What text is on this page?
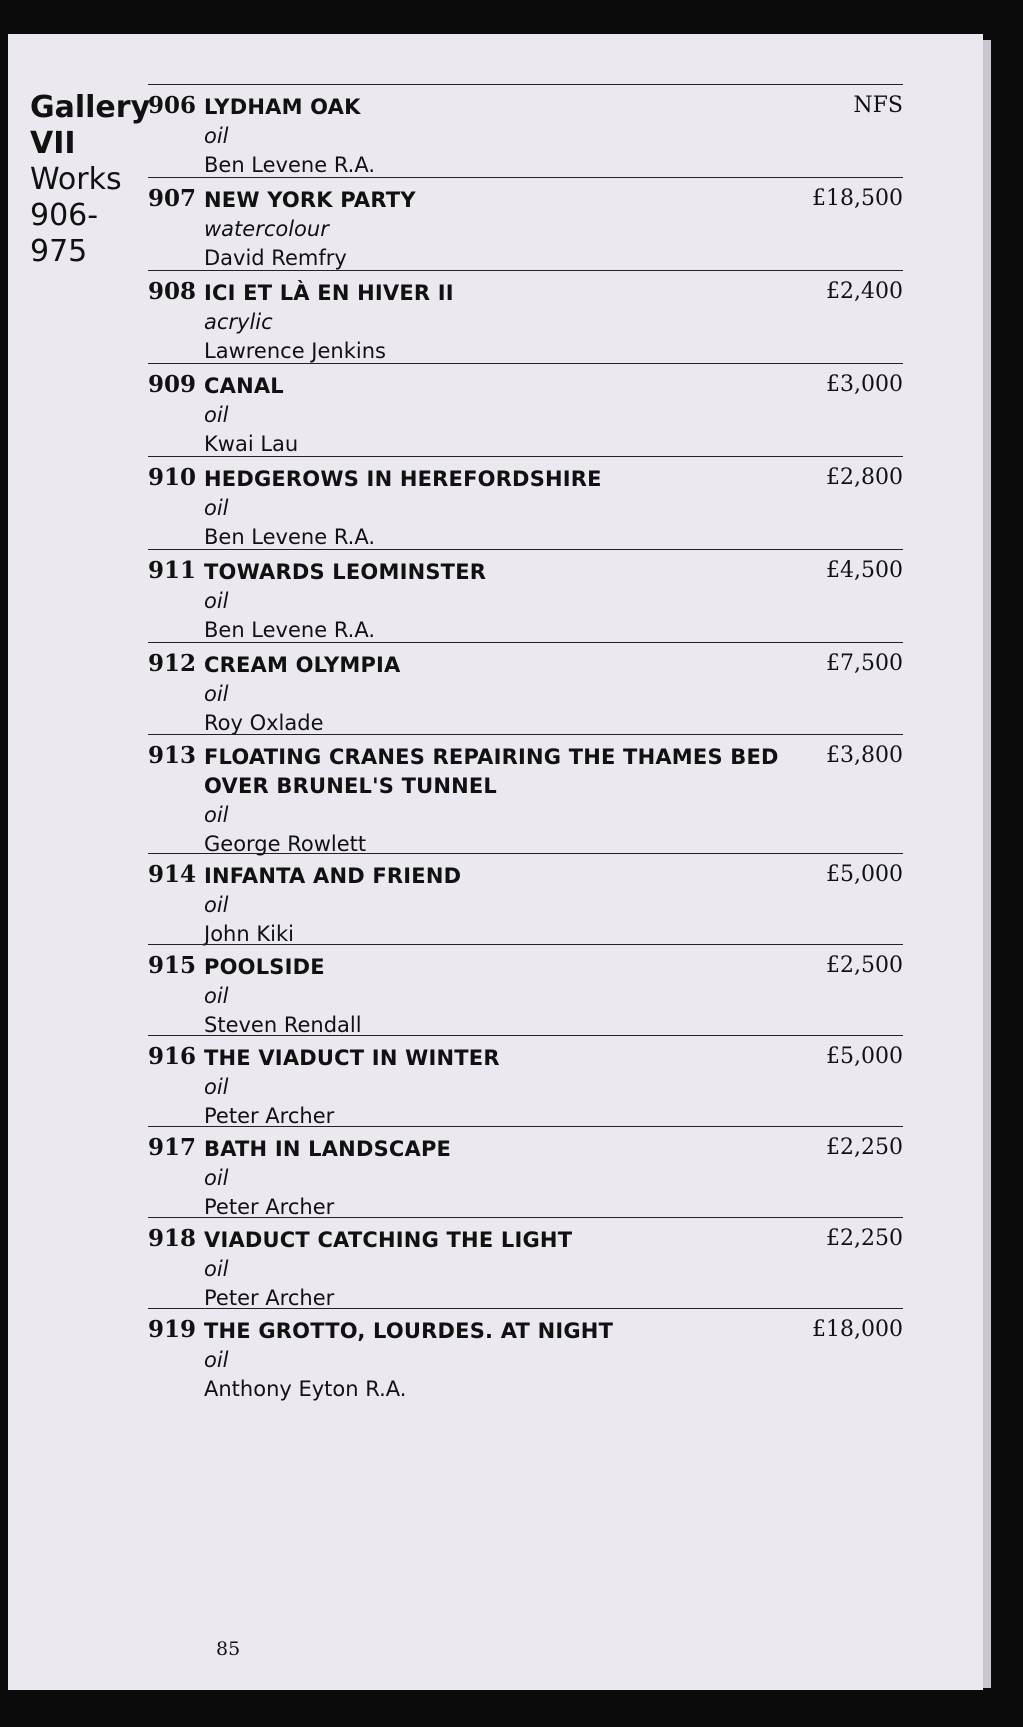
Gallery VII
Works 906-975
906 LYDHAM OAK
oil
Ben Levene R.A.
NFS
907 NEW YORK PARTY
watercolour
David Remfry
£18,500
908 ICI ET LÀ EN HIVER II
acrylic
Lawrence Jenkins
£2,400
909 CANAL
oil
Kwai Lau
£3,000
910 HEDGEROWS IN HEREFORDSHIRE
oil
Ben Levene R.A.
£2,800
911 TOWARDS LEOMINSTER
oil
Ben Levene R.A.
£4,500
912 CREAM OLYMPIA
oil
Roy Oxlade
£7,500
913 FLOATING CRANES REPAIRING THE THAMES BED OVER BRUNEL'S TUNNEL
oil
George Rowlett
£3,800
914 INFANTA AND FRIEND
oil
John Kiki
£5,000
915 POOLSIDE
oil
Steven Rendall
£2,500
916 THE VIADUCT IN WINTER
oil
Peter Archer
£5,000
917 BATH IN LANDSCAPE
oil
Peter Archer
£2,250
918 VIADUCT CATCHING THE LIGHT
oil
Peter Archer
£2,250
919 THE GROTTO, LOURDES. AT NIGHT
oil
Anthony Eyton R.A.
£18,000
85
